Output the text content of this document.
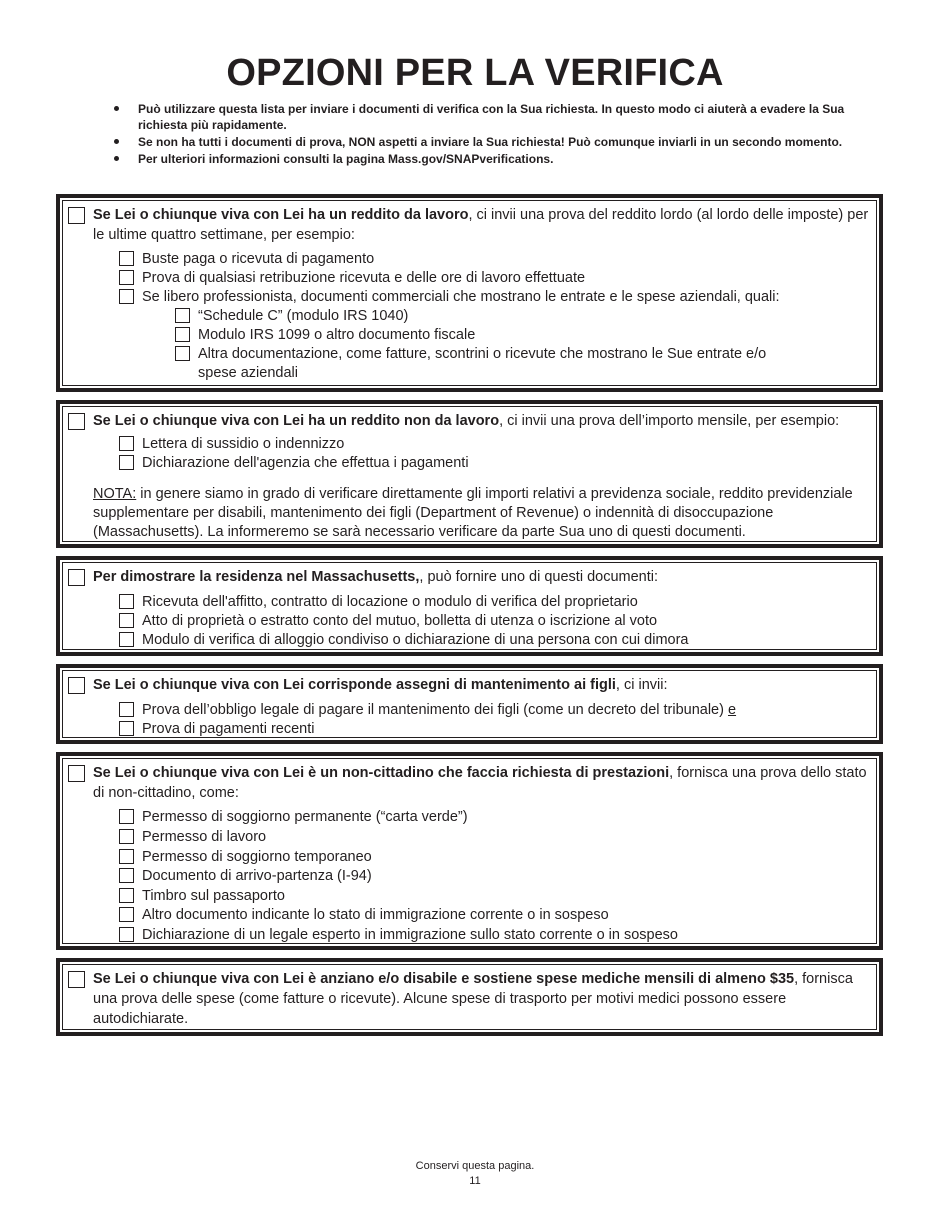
OPZIONI PER LA VERIFICA
Può utilizzare questa lista per inviare i documenti di verifica con la Sua richiesta. In questo modo ci aiuterà a evadere la Sua richiesta più rapidamente.
Se non ha tutti i documenti di prova, NON aspetti a inviare la Sua richiesta! Può comunque inviarli in un secondo momento.
Per ulteriori informazioni consulti la pagina Mass.gov/SNAPverifications.
Se Lei o chiunque viva con Lei ha un reddito da lavoro, ci invii una prova del reddito lordo (al lordo delle imposte) per le ultime quattro settimane, per esempio:
Buste paga o ricevuta di pagamento
Prova di qualsiasi retribuzione ricevuta e delle ore di lavoro effettuate
Se libero professionista, documenti commerciali che mostrano le entrate e le spese aziendali, quali:
“Schedule C” (modulo IRS 1040)
Modulo IRS 1099 o altro documento fiscale
Altra documentazione, come fatture, scontrini o ricevute che mostrano le Sue entrate e/o
spese aziendali
Se Lei o chiunque viva con Lei ha un reddito non da lavoro, ci invii una prova dell’importo mensile, per esempio:
Lettera di sussidio o indennizzo
Dichiarazione dell'agenzia che effettua i pagamenti
NOTA: in genere siamo in grado di verificare direttamente gli importi relativi a previdenza sociale, reddito previdenziale supplementare per disabili, mantenimento dei figli (Department of Revenue) o indennità di disoccupazione (Massachusetts). La informeremo se sarà necessario verificare da parte Sua uno di questi documenti.
Per dimostrare la residenza nel Massachusetts,, può fornire uno di questi documenti:
Ricevuta dell'affitto, contratto di locazione o modulo di verifica del proprietario
Atto di proprietà o estratto conto del mutuo, bolletta di utenza o iscrizione al voto
Modulo di verifica di alloggio condiviso o dichiarazione di una persona con cui dimora
Se Lei o chiunque viva con Lei corrisponde assegni di mantenimento ai figli, ci invii:
Prova dell’obbligo legale di pagare il mantenimento dei figli (come un decreto del tribunale) e
Prova di pagamenti recenti
Se Lei o chiunque viva con Lei è un non-cittadino che faccia richiesta di prestazioni, fornisca una prova dello stato di non-cittadino, come:
Permesso di soggiorno permanente (“carta verde”)
Permesso di lavoro
Permesso di soggiorno temporaneo
Documento di arrivo-partenza (I-94)
Timbro sul passaporto
Altro documento indicante lo stato di immigrazione corrente o in sospeso
Dichiarazione di un legale esperto in immigrazione sullo stato corrente o in sospeso
Se Lei o chiunque viva con Lei è anziano e/o disabile e sostiene spese mediche mensili di almeno $35, fornisca una prova delle spese (come fatture o ricevute). Alcune spese di trasporto per motivi medici possono essere autodichiarate.
Conservi questa pagina.
11
